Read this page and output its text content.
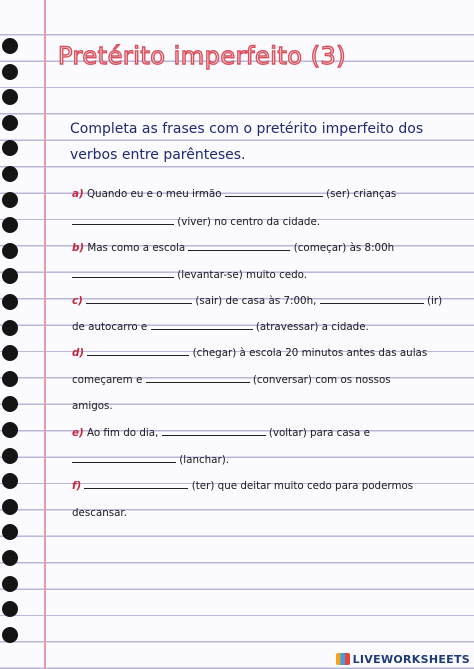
Pretérito imperfeito (3)

Completa as frases com o pretérito imperfeito dos verbos entre parênteses.

a) Quando eu e o meu irmão	(ser) crianças
(viver) no centro da cidade.
b) Mas como a escola	(começar) às 8:00h
(levantar-se) muito cedo.
c)	(sair) de casa às 7:00h,	(ir)
de autocarro e	(atravessar) a cidade.
d)	(chegar) à escola 20 minutos antes das aulas
começarem e	(conversar) com os nossos
amigos.
e) Ao fim do dia,	(voltar) para casa e
(lanchar).
f)	(ter) que deitar muito cedo para podermos
descansar.
LIVEWORKSHEETS
